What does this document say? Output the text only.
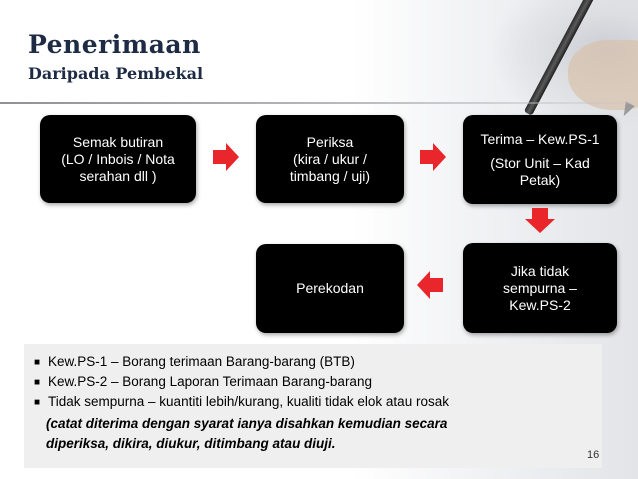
Penerimaan
Daripada Pembekal
Semak butiran
(LO / Inbois / Nota
serahan dll )
Periksa
(kira / ukur /
timbang / uji)
Terima – Kew.PS-1
(Stor Unit – Kad
Petak)
Jika tidak
sempurna –
Kew.PS-2
Perekodan
■ Kew.PS-1 – Borang terimaan Barang-barang (BTB)
■ Kew.PS-2 – Borang Laporan Terimaan Barang-barang
■ Tidak sempurna – kuantiti lebih/kurang, kualiti tidak elok atau rosak
(catat diterima dengan syarat ianya disahkan kemudian secara
diperiksa, dikira, diukur, ditimbang atau diuji.
16
